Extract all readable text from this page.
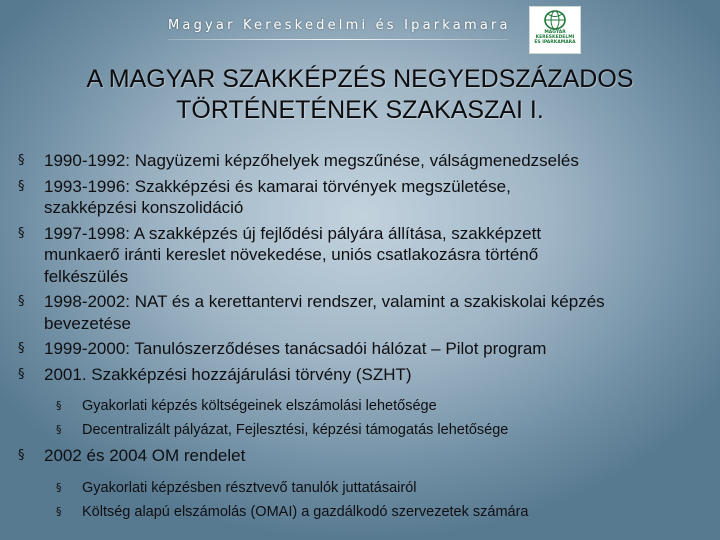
Magyar Kereskedelmi és Iparkamara	MAGYAR
KERESKEDELMI
ÉS IPARKAMARA
A MAGYAR SZAKKÉPZÉS NEGYEDSZÁZADOS
TÖRTÉNETÉNEK SZAKASZAI I.
§ 1990-1992: Nagyüzemi képzőhelyek megszűnése, válságmenedzselés
§ 1993-1996: Szakképzési és kamarai törvények megszületése,
szakképzési konszolidáció
§ 1997-1998: A szakképzés új fejlődési pályára állítása, szakképzett
munkaerő iránti kereslet növekedése, uniós csatlakozásra történő
felkészülés
§ 1998-2002: NAT és a kerettantervi rendszer, valamint a szakiskolai képzés
bevezetése
§ 1999-2000: Tanulószerződéses tanácsadói hálózat – Pilot program
§ 2001. Szakképzési hozzájárulási törvény (SZHT)
§ Gyakorlati képzés költségeinek elszámolási lehetősége
§ Decentralizált pályázat, Fejlesztési, képzési támogatás lehetősége
§ 2002 és 2004 OM rendelet
§ Gyakorlati képzésben résztvevő tanulók juttatásairól
§ Költség alapú elszámolás (OMAI) a gazdálkodó szervezetek számára
